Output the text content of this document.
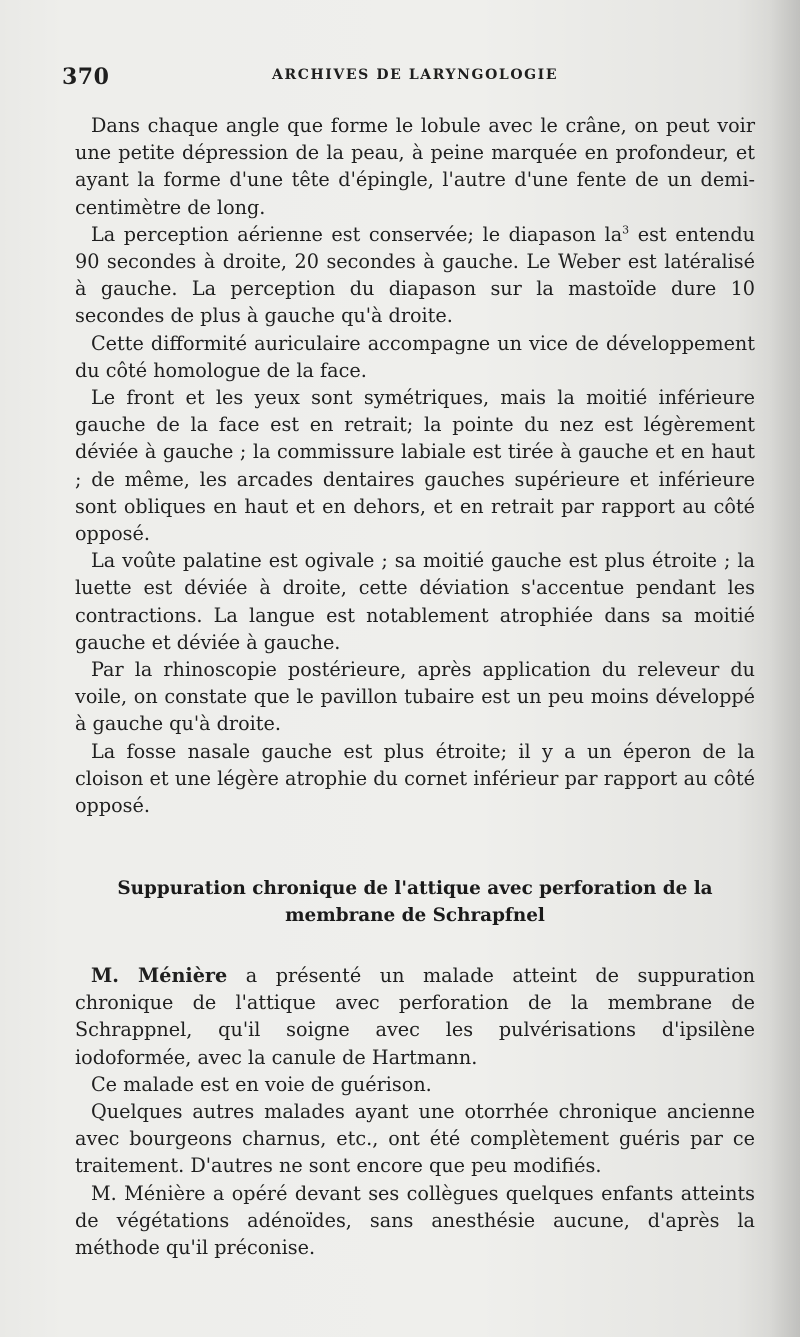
370	ARCHIVES DE LARYNGOLOGIE

Dans chaque angle que forme le lobule avec le crâne, on peut voir une petite dépression de la peau, à peine marquée en profondeur, et ayant la forme d'une tête d'épingle, l'autre d'une fente de un demi-centimètre de long.

La perception aérienne est conservée; le diapason $la^3$ est entendu 90 secondes à droite, 20 secondes à gauche. Le Weber est latéralisé à gauche. La perception du diapason sur la mastoïde dure 10 secondes de plus à gauche qu'à droite.

Cette difformité auriculaire accompagne un vice de développement du côté homologue de la face.

Le front et les yeux sont symétriques, mais la moitié inférieure gauche de la face est en retrait; la pointe du nez est légèrement déviée à gauche ; la commissure labiale est tirée à gauche et en haut ; de même, les arcades dentaires gauches supérieure et inférieure sont obliques en haut et en dehors, et en retrait par rapport au côté opposé.

La voûte palatine est ogivale ; sa moitié gauche est plus étroite ; la luette est déviée à droite, cette déviation s'accentue pendant les contractions. La langue est notablement atrophiée dans sa moitié gauche et déviée à gauche.

Par la rhinoscopie postérieure, après application du releveur du voile, on constate que le pavillon tubaire est un peu moins développé à gauche qu'à droite.

La fosse nasale gauche est plus étroite; il y a un éperon de la cloison et une légère atrophie du cornet inférieur par rapport au côté opposé.

Suppuration chronique de l'attique avec perforation de la
membrane de Schrapfnel

M. Ménière a présenté un malade atteint de suppuration chronique de l'attique avec perforation de la membrane de Schrappnel, qu'il soigne avec les pulvérisations d'ipsilène iodoformée, avec la canule de Hartmann.

Ce malade est en voie de guérison.

Quelques autres malades ayant une otorrhée chronique ancienne avec bourgeons charnus, etc., ont été complètement guéris par ce traitement. D'autres ne sont encore que peu modifiés.

M. Ménière a opéré devant ses collègues quelques enfants atteints de végétations adénoïdes, sans anesthésie aucune, d'après la méthode qu'il préconise.
